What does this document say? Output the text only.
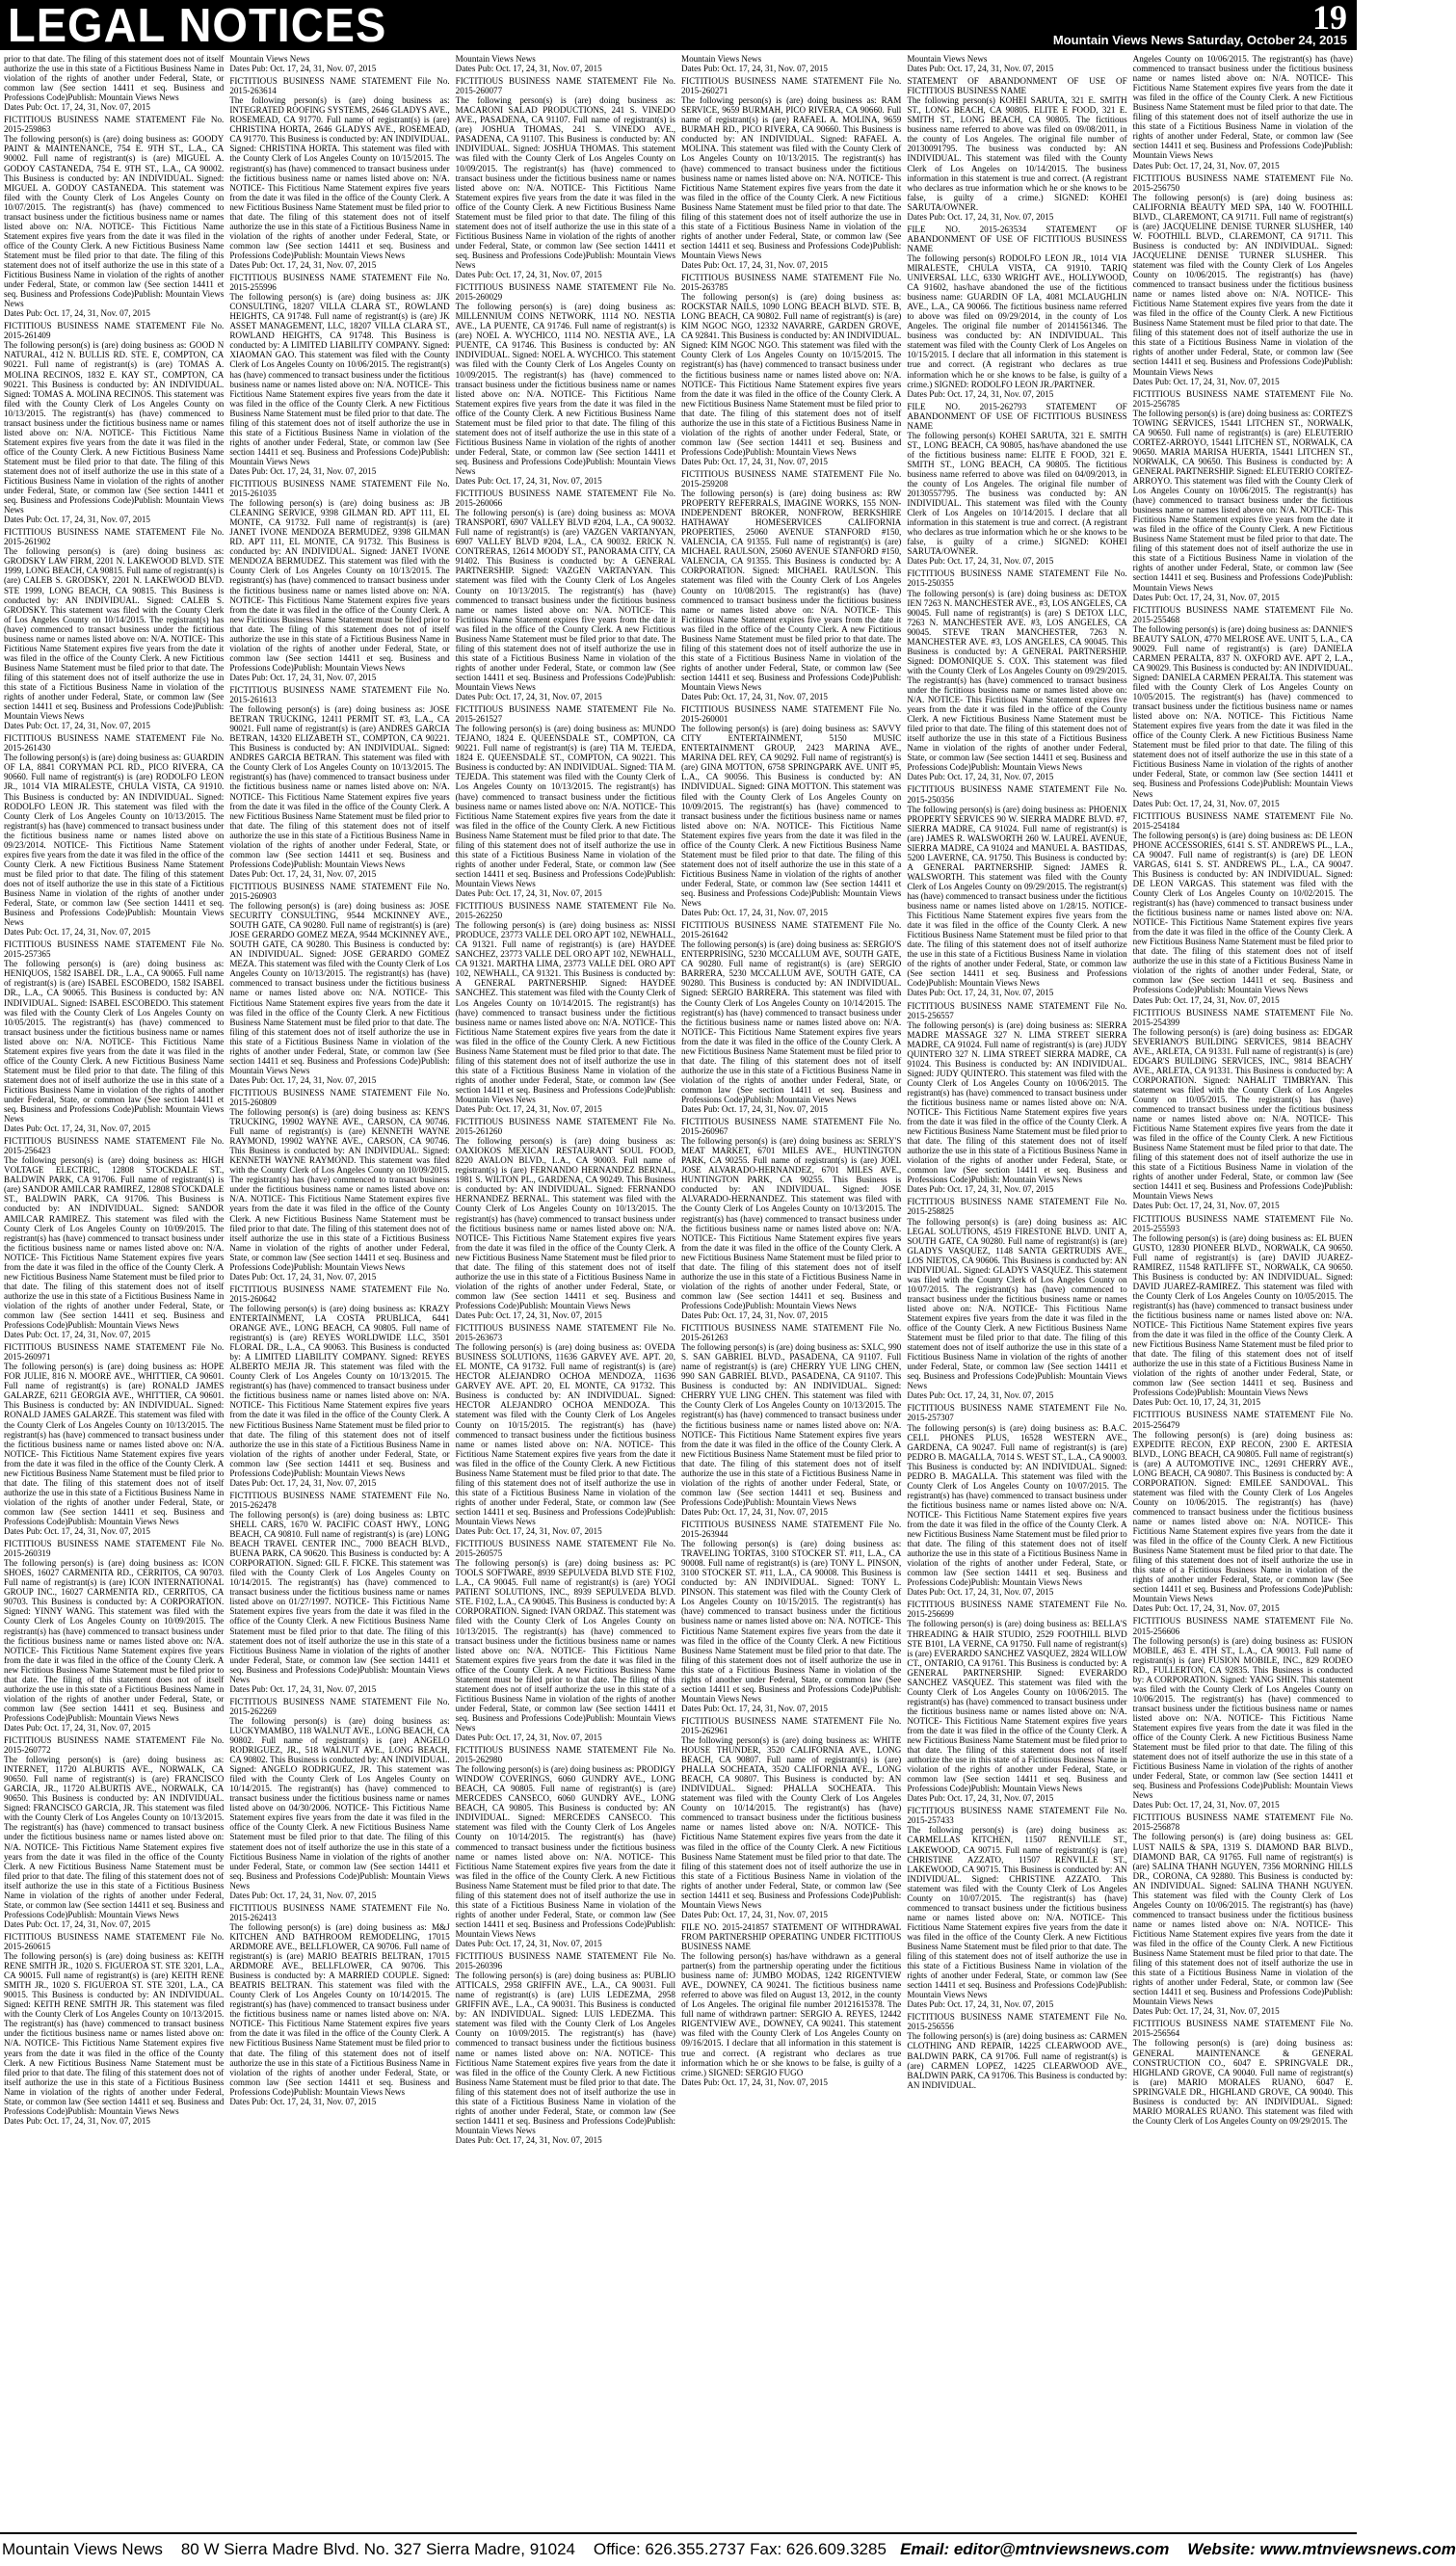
LEGAL NOTICES	19
Mountain Views News Saturday, October 24, 2015
prior to that date. The filing of this statement does not of itself authorize the use in this state of a Fictitious Business Name in violation of the rights of another under Federal, State, or common law (See section 14411 et seq. Business and Professions Code)Publish: Mountain Views News
Dates Pub: Oct. 17, 24, 31, Nov. 07, 2015
FICTITIOUS BUSINESS NAME STATEMENT File No. 2015-259863
The following person(s) is (are) doing business as: GOODY PAINT & MAINTENANCE, 754 E. 9TH ST., L.A., CA 90002. Full name of registrant(s) is (are) MIGUEL A. GODOY CASTANEDA, 754 E. 9TH ST., L.A., CA 90002. This Business is conducted by: AN INDIVIDUAL. Signed: MIGUEL A. GODOY CASTANEDA. This statement was filed with the County Clerk of Los Angeles County on 10/07/2015. The registrant(s) has (have) commenced to transact business under the fictitious business name or names listed above on: N/A. NOTICE- This Fictitious Name Statement expires five years from the date it was filed in the office of the County Clerk. A new Fictitious Business Name Statement must be filed prior to that date. The filing of this statement does not of itself authorize the use in this state of a Fictitious Business Name in violation of the rights of another under Federal, State, or common law (See section 14411 et seq. Business and Professions Code)Publish: Mountain Views News
Dates Pub: Oct. 17, 24, 31, Nov. 07, 2015
FICTITIOUS BUSINESS NAME STATEMENT File No. 2015-261409
The following person(s) is (are) doing business as: GOOD N NATURAL, 412 N. BULLIS RD. STE. E, COMPTON, CA 90221. Full name of registrant(s) is (are) TOMAS A. MOLINA RECINOS, 1832 E. KAY ST., COMPTON, CA 90221. This Business is conducted by: AN INDIVIDUAL. Signed: TOMAS A. MOLINA RECINOS. This statement was filed with the County Clerk of Los Angeles County on 10/13/2015. The registrant(s) has (have) commenced to transact business under the fictitious business name or names listed above on: N/A. NOTICE- This Fictitious Name Statement expires five years from the date it was filed in the office of the County Clerk. A new Fictitious Business Name Statement must be filed prior to that date. The filing of this statement does not of itself authorize the use in this state of a Fictitious Business Name in violation of the rights of another under Federal, State, or common law (See section 14411 et seq. Business and Professions Code)Publish: Mountain Views News
Dates Pub: Oct. 17, 24, 31, Nov. 07, 2015
FICTITIOUS BUSINESS NAME STATEMENT File No. 2015-261902
The following person(s) is (are) doing business as: GRODSKY LAW FIRM, 2201 N. LAKEWOOD BLVD. STE 1999, LONG BEACH, CA 90815. Full name of registrant(s) is (are) CALEB S. GRODSKY, 2201 N. LAKEWOOD BLVD. STE 1999, LONG BEACH, CA 90815. This Business is conducted by: AN INDIVIDUAL. Signed: CALEB S. GRODSKY. This statement was filed with the County Clerk of Los Angeles County on 10/14/2015. The registrant(s) has (have) commenced to transact business under the fictitious business name or names listed above on: N/A. NOTICE- This Fictitious Name Statement expires five years from the date it was filed in the office of the County Clerk. A new Fictitious Business Name Statement must be filed prior to that date. The filing of this statement does not of itself authorize the use in this state of a Fictitious Business Name in violation of the rights of another under Federal, State, or common law (See section 14411 et seq. Business and Professions Code)Publish: Mountain Views News
Dates Pub: Oct. 17, 24, 31, Nov. 07, 2015
FICTITIOUS BUSINESS NAME STATEMENT File No. 2015-261430
The following person(s) is (are) doing business as: GUARDIN OF LA, 8841 CORYMAN PCL RD., PICO RIVERA, CA 90660. Full name of registrant(s) is (are) RODOLFO LEON JR., 1014 VIA MIRALESTE, CHULA VISTA, CA 91910. This Business is conducted by: AN INDIVIDUAL. Signed: RODOLFO LEON JR. This statement was filed with the County Clerk of Los Angeles County on 10/13/2015. The registrant(s) has (have) commenced to transact business under the fictitious business name or names listed above on 09/23/2014. NOTICE- This Fictitious Name Statement expires five years from the date it was filed in the office of the County Clerk. A new Fictitious Business Name Statement must be filed prior to that date. The filing of this statement does not of itself authorize the use in this state of a Fictitious Business Name in violation of the rights of another under Federal, State, or common law (See section 14411 et seq. Business and Professions Code)Publish: Mountain Views News
Dates Pub: Oct. 17, 24, 31, Nov. 07, 2015
FICTITIOUS BUSINESS NAME STATEMENT File No. 2015-257365
The following person(s) is (are) doing business as: HENIQUOS, 1582 ISABEL DR., L.A., CA 90065. Full name of registrant(s) is (are) ISABEL ESCOBEDO, 1582 ISABEL DR., L.A., CA 90065. This Business is conducted by: AN INDIVIDUAL. Signed: ISABEL ESCOBEDO. This statement was filed with the County Clerk of Los Angeles County on 10/05/2015. The registrant(s) has (have) commenced to transact business under the fictitious business name or names listed above on: N/A. NOTICE- This Fictitious Name Statement expires five years from the date it was filed in the office of the County Clerk. A new Fictitious Business Name Statement must be filed prior to that date. The filing of this statement does not of itself authorize the use in this state of a Fictitious Business Name in violation of the rights of another under Federal, State, or common law (See section 14411 et seq. Business and Professions Code)Publish: Mountain Views News
Dates Pub: Oct. 17, 24, 31, Nov. 07, 2015
FICTITIOUS BUSINESS NAME STATEMENT File No. 2015-256423
The following person(s) is (are) doing business as: HIGH VOLTAGE ELECTRIC, 12808 STOCKDALE ST., BALDWIN PARK, CA 91706. Full name of registrant(s) is (are) SANDOR AMILCAR RAMIREZ, 12808 STOCKDALE ST., BALDWIN PARK, CA 91706. This Business is conducted by: AN INDIVIDUAL. Signed: SANDOR AMILCAR RAMIREZ. This statement was filed with the County Clerk of Los Angeles County on 10/09/2015. The registrant(s) has (have) commenced to transact business under the fictitious business name or names listed above on: N/A. NOTICE- This Fictitious Name Statement expires five years from the date it was filed in the office of the County Clerk. A new Fictitious Business Name Statement must be filed prior to that date. The filing of this statement does not of itself authorize the use in this state of a Fictitious Business Name in violation of the rights of another under Federal, State, or common law (See section 14411 et seq. Business and Professions Code)Publish: Mountain Views News
Dates Pub: Oct. 17, 24, 31, Nov. 07, 2015
FICTITIOUS BUSINESS NAME STATEMENT File No. 2015-260971
The following person(s) is (are) doing business as: HOPE FOR JULIE, 816 N. MOORE AVE., WHITTIER, CA 90601. Full name of registrant(s) is (are) RONALD JAMES GALARZE, 6211 GEORGIA AVE., WHITTIER, CA 90601. This Business is conducted by: AN INDIVIDUAL. Signed: RONALD JAMES GALARZE. This statement was filed with the County Clerk of Los Angeles County on 10/13/2015. The registrant(s) has (have) commenced to transact business under the fictitious business name or names listed above on: N/A. NOTICE- This Fictitious Name Statement expires five years from the date it was filed in the office of the County Clerk. A new Fictitious Business Name Statement must be filed prior to that date. The filing of this statement does not of itself authorize the use in this state of a Fictitious Business Name in violation of the rights of another under Federal, State, or common law (See section 14411 et seq. Business and Professions Code)Publish: Mountain Views News
Dates Pub: Oct. 17, 24, 31, Nov. 07, 2015
FICTITIOUS BUSINESS NAME STATEMENT File No. 2015-260319
The following person(s) is (are) doing business as: ICON SHOES, 16027 CARMENITA RD., CERRITOS, CA 90703. Full name of registrant(s) is (are) ICON INTERNATIONAL GROUP INC., 16027 CARMENITA RD., CERRITOS, CA 90703. This Business is conducted by: A CORPORATION. Signed: YINNY WANG. This statement was filed with the County Clerk of Los Angeles County on 10/09/2015. The registrant(s) has (have) commenced to transact business under the fictitious business name or names listed above on: N/A. NOTICE- This Fictitious Name Statement expires five years from the date it was filed in the office of the County Clerk. A new Fictitious Business Name Statement must be filed prior to that date. The filing of this statement does not of itself authorize the use in this state of a Fictitious Business Name in violation of the rights of another under Federal, State, or common law (See section 14411 et seq. Business and Professions Code)Publish: Mountain Views News
Dates Pub: Oct. 17, 24, 31, Nov. 07, 2015
FICTITIOUS BUSINESS NAME STATEMENT File No. 2015-260772
The following person(s) is (are) doing business as: INTERNET, 11720 ALBURTIS AVE., NORWALK, CA 90650. Full name of registrant(s) is (are) FRANCISCO GARCIA, JR., 11720 ALBURTIS AVE., NORWALK, CA 90650. This Business is conducted by: AN INDIVIDUAL. Signed: FRANCISCO GARCIA, JR. This statement was filed with the County Clerk of Los Angeles County on 10/13/2015. The registrant(s) has (have) commenced to transact business under the fictitious business name or names listed above on: N/A. NOTICE- This Fictitious Name Statement expires five years from the date it was filed in the office of the County Clerk. A new Fictitious Business Name Statement must be filed prior to that date. The filing of this statement does not of itself authorize the use in this state of a Fictitious Business Name in violation of the rights of another under Federal, State, or common law (See section 14411 et seq. Business and Professions Code)Publish: Mountain Views News
Dates Pub: Oct. 17, 24, 31, Nov. 07, 2015
FICTITIOUS BUSINESS NAME STATEMENT File No. 2015-260615
The following person(s) is (are) doing business as: KEITH RENE SMITH JR., 1020 S. FIGUEROA ST. STE 3201, L.A., CA 90015. Full name of registrant(s) is (are) KEITH RENE SMITH JR., 1020 S. FIGUEROA ST. STE 3201, L.A., CA 90015. This Business is conducted by: AN INDIVIDUAL. Signed: KEITH RENE SMITH JR. This statement was filed with the County Clerk of Los Angeles County on 10/13/2015. The registrant(s) has (have) commenced to transact business under the fictitious business name or names listed above on: N/A. NOTICE- This Fictitious Name Statement expires five years from the date it was filed in the office of the County Clerk. A new Fictitious Business Name Statement must be filed prior to that date. The filing of this statement does not of itself authorize the use in this state of a Fictitious Business Name in violation of the rights of another under Federal, State, or common law (See section 14411 et seq. Business and Professions Code)Publish: Mountain Views News
Dates Pub: Oct. 17, 24, 31, Nov. 07, 2015
Mountain Views News
Dates Pub: Oct. 17, 24, 31, Nov. 07, 2015
FICTITIOUS BUSINESS NAME STATEMENT File No. 2015-263614
The following person(s) is (are) doing business as: INTEGRATED ROOFING SYSTEMS, 2646 GLADYS AVE., ROSEMEAD, CA 91770. Full name of registrant(s) is (are) CHRISTINA HORTA, 2646 GLADYS AVE., ROSEMEAD, CA 91770. This Business is conducted by: AN INDIVIDUAL. Signed: CHRISTINA HORTA. This statement was filed with the County Clerk of Los Angeles County on 10/15/2015. The registrant(s) has (have) commenced to transact business under the fictitious business name or names listed above on: N/A. NOTICE- This Fictitious Name Statement expires five years from the date it was filed in the office of the County Clerk. A new Fictitious Business Name Statement must be filed prior to that date. The filing of this statement does not of itself authorize the use in this state of a Fictitious Business Name in violation of the rights of another under Federal, State, or common law (See section 14411 et seq. Business and Professions Code)Publish: Mountain Views News
Dates Pub: Oct. 17, 24, 31, Nov. 07, 2015
FICTITIOUS BUSINESS NAME STATEMENT File No. 2015-255996
The following person(s) is (are) doing business as: JJK CONSULTING, 18207 VILLA CLARA ST., ROWLAND HEIGHTS, CA 91748. Full name of registrant(s) is (are) JK ASSET MANAGEMENT, LLC, 18207 VILLA CLARA ST., ROWLAND HEIGHTS, CA 91748. This Business is conducted by: A LIMITED LIABILITY COMPANY. Signed: XIAOMAN GAO. This statement was filed with the County Clerk of Los Angeles County on 10/06/2015. The registrant(s) has (have) commenced to transact business under the fictitious business name or names listed above on: N/A. NOTICE- This Fictitious Name Statement expires five years from the date it was filed in the office of the County Clerk. A new Fictitious Business Name Statement must be filed prior to that date. The filing of this statement does not of itself authorize the use in this state of a Fictitious Business Name in violation of the rights of another under Federal, State, or common law (See section 14411 et seq. Business and Professions Code)Publish: Mountain Views News
Dates Pub: Oct. 17, 24, 31, Nov. 07, 2015
FICTITIOUS BUSINESS NAME STATEMENT File No. 2015-261035
The following person(s) is (are) doing business as: JB CLEANING SERVICE, 9398 GILMAN RD. APT 111, EL MONTE, CA 91732. Full name of registrant(s) is (are) JANET IVONE MENDOZA BERMUDEZ, 9398 GILMAN RD. APT 111, EL MONTE, CA 91732. This Business is conducted by: AN INDIVIDUAL. Signed: JANET IVONE MENDOZA BERMUDEZ. This statement was filed with the County Clerk of Los Angeles County on 10/13/2015. The registrant(s) has (have) commenced to transact business under the fictitious business name or names listed above on: N/A. NOTICE- This Fictitious Name Statement expires five years from the date it was filed in the office of the County Clerk. A new Fictitious Business Name Statement must be filed prior to that date. The filing of this statement does not of itself authorize the use in this state of a Fictitious Business Name in violation of the rights of another under Federal, State, or common law (See section 14411 et seq. Business and Professions Code)Publish: Mountain Views News
Dates Pub: Oct. 17, 24, 31, Nov. 07, 2015
FICTITIOUS BUSINESS NAME STATEMENT File No. 2015-261613
The following person(s) is (are) doing business as: JOSE BETRAN TRUCKING, 12411 PERMIT ST. #3, L.A., CA 90021. Full name of registrant(s) is (are) ANDRES GARCIA BETRAN, 14320 ELIZABETH ST., COMPTON, CA 90221. This Business is conducted by: AN INDIVIDUAL. Signed: ANDRES GARCIA BETRAN. This statement was filed with the County Clerk of Los Angeles County on 10/13/2015. The registrant(s) has (have) commenced to transact business under the fictitious business name or names listed above on: N/A. NOTICE- This Fictitious Name Statement expires five years from the date it was filed in the office of the County Clerk. A new Fictitious Business Name Statement must be filed prior to that date. The filing of this statement does not of itself authorize the use in this state of a Fictitious Business Name in violation of the rights of another under Federal, State, or common law (See section 14411 et seq. Business and Professions Code)Publish: Mountain Views News
Dates Pub: Oct. 17, 24, 31, Nov. 07, 2015
FICTITIOUS BUSINESS NAME STATEMENT File No. 2015-260903
The following person(s) is (are) doing business as: JOSE SECURITY CONSULTING, 9544 MCKINNEY AVE., SOUTH GATE, CA 90280. Full name of registrant(s) is (are) JOSE GERARDO GOMEZ MEZA, 9544 MCKINNEY AVE., SOUTH GATE, CA 90280. This Business is conducted by: AN INDIVIDUAL. Signed: JOSE GERARDO GOMEZ MEZA. This statement was filed with the County Clerk of Los Angeles County on 10/13/2015. The registrant(s) has (have) commenced to transact business under the fictitious business name or names listed above on: N/A. NOTICE- This Fictitious Name Statement expires five years from the date it was filed in the office of the County Clerk. A new Fictitious Business Name Statement must be filed prior to that date. The filing of this statement does not of itself authorize the use in this state of a Fictitious Business Name in violation of the rights of another under Federal, State, or common law (See section 14411 et seq. Business and Professions Code)Publish: Mountain Views News
Dates Pub: Oct. 17, 24, 31, Nov. 07, 2015
FICTITIOUS BUSINESS NAME STATEMENT File No. 2015-260809
The following person(s) is (are) doing business as: KEN'S TRUCKING, 19902 WAYNE AVE., CARSON, CA 90746. Full name of registrant(s) is (are) KENNETH WAYNE RAYMOND, 19902 WAYNE AVE., CARSON, CA 90746. This Business is conducted by: AN INDIVIDUAL. Signed: KENNETH WAYNE RAYMOND. This statement was filed with the County Clerk of Los Angeles County on 10/09/2015. The registrant(s) has (have) commenced to transact business under the fictitious business name or names listed above on: N/A. NOTICE- This Fictitious Name Statement expires five years from the date it was filed in the office of the County Clerk. A new Fictitious Business Name Statement must be filed prior to that date. The filing of this statement does not of itself authorize the use in this state of a Fictitious Business Name in violation of the rights of another under Federal, State, or common law (See section 14411 et seq. Business and Professions Code)Publish: Mountain Views News
Dates Pub: Oct. 17, 24, 31, Nov. 07, 2015
FICTITIOUS BUSINESS NAME STATEMENT File No. 2015-260642
The following person(s) is (are) doing business as: KRAZY ENTERTAINMENT, LA COSTA PRUBLICA, 6441 ORANGE AVE., LONG BEACH, CA 90805. Full name of registrant(s) is (are) REYES WORLDWIDE LLC, 3501 FLORAL DR., L.A., CA 90063. This Business is conducted by: A LIMITED LIABILITY COMPANY. Signed: REYES ALBERTO MEJIA JR. This statement was filed with the County Clerk of Los Angeles County on 10/13/2015. The registrant(s) has (have) commenced to transact business under the fictitious business name or names listed above on: N/A. NOTICE- This Fictitious Name Statement expires five years from the date it was filed in the office of the County Clerk. A new Fictitious Business Name Statement must be filed prior to that date. The filing of this statement does not of itself authorize the use in this state of a Fictitious Business Name in violation of the rights of another under Federal, State, or common law (See section 14411 et seq. Business and Professions Code)Publish: Mountain Views News
Dates Pub: Oct. 17, 24, 31, Nov. 07, 2015
FICTITIOUS BUSINESS NAME STATEMENT File No. 2015-262478
The following person(s) is (are) doing business as: LBTC SHELL CARS, 1670 W. PACIFIC COAST HWY., LONG BEACH, CA 90810. Full name of registrant(s) is (are) LONG BEACH TRAVEL CENTER INC., 7000 BEACH BLVD., BUENA PARK, CA 90620. This Business is conducted by: A CORPORATION. Signed: GIL F. FICKE. This statement was filed with the County Clerk of Los Angeles County on 10/14/2015. The registrant(s) has (have) commenced to transact business under the fictitious business name or names listed above on 01/27/1997. NOTICE- This Fictitious Name Statement expires five years from the date it was filed in the office of the County Clerk. A new Fictitious Business Name Statement must be filed prior to that date. The filing of this statement does not of itself authorize the use in this state of a Fictitious Business Name in violation of the rights of another under Federal, State, or common law (See section 14411 et seq. Business and Professions Code)Publish: Mountain Views News
Dates Pub: Oct. 17, 24, 31, Nov. 07, 2015
FICTITIOUS BUSINESS NAME STATEMENT File No. 2015-262269
The following person(s) is (are) doing business as: LUCKYMAMBO, 118 WALNUT AVE., LONG BEACH, CA 90802. Full name of registrant(s) is (are) ANGELO RODRIGUEZ, JR., 518 WALNUT AVE., LONG BEACH, CA 90802. This Business is conducted by: AN INDIVIDUAL. Signed: ANGELO RODRIGUEZ, JR. This statement was filed with the County Clerk of Los Angeles County on 10/14/2015. The registrant(s) has (have) commenced to transact business under the fictitious business name or names listed above on 04/30/2006. NOTICE- This Fictitious Name Statement expires five years from the date it was filed in the office of the County Clerk. A new Fictitious Business Name Statement must be filed prior to that date. The filing of this statement does not of itself authorize the use in this state of a Fictitious Business Name in violation of the rights of another under Federal, State, or common law (See section 14411 et seq. Business and Professions Code)Publish: Mountain Views News
Dates Pub: Oct. 17, 24, 31, Nov. 07, 2015
FICTITIOUS BUSINESS NAME STATEMENT File No. 2015-262413
The following person(s) is (are) doing business as: M&J KITCHEN AND BATHROOM REMODELING, 17015 ARDMORE AVE., BELLFLOWER, CA 90706. Full name of registrant(s) is (are) MARIO BEATRIS BELTRAN, 17015 ARDMORE AVE., BELLFLOWER, CA 90706. This Business is conducted by: A MARRIED COUPLE. Signed: BEATRIS BELTRAN. This statement was filed with the County Clerk of Los Angeles County on 10/14/2015. The registrant(s) has (have) commenced to transact business under the fictitious business name or names listed above on: N/A. NOTICE- This Fictitious Name Statement expires five years from the date it was filed in the office of the County Clerk. A new Fictitious Business Name Statement must be filed prior to that date. The filing of this statement does not of itself authorize the use in this state of a Fictitious Business Name in violation of the rights of another under Federal, State, or common law (See section 14411 et seq. Business and Professions Code)Publish: Mountain Views News
Dates Pub: Oct. 17, 24, 31, Nov. 07, 2015
Mountain Views News
Dates Pub: Oct. 17, 24, 31, Nov. 07, 2015
FICTITIOUS BUSINESS NAME STATEMENT File No. 2015-260077
The following person(s) is (are) doing business as: MACARONI SALAD PRODUCTIONS, 241 S. VINEDO AVE., PASADENA, CA 91107. Full name of registrant(s) is (are) JOSHUA THOMAS, 241 S. VINEDO AVE., PASADENA, CA 91107. This Business is conducted by: AN INDIVIDUAL. Signed: JOSHUA THOMAS. This statement was filed with the County Clerk of Los Angeles County on 10/09/2015. The registrant(s) has (have) commenced to transact business under the fictitious business name or names listed above on: N/A. NOTICE- This Fictitious Name Statement expires five years from the date it was filed in the office of the County Clerk. A new Fictitious Business Name Statement must be filed prior to that date. The filing of this statement does not of itself authorize the use in this state of a Fictitious Business Name in violation of the rights of another under Federal, State, or common law (See section 14411 et seq. Business and Professions Code)Publish: Mountain Views News
Dates Pub: Oct. 17, 24, 31, Nov. 07, 2015
FICTITIOUS BUSINESS NAME STATEMENT File No. 2015-260029
The following person(s) is (are) doing business as: MILLENNIUM COINS NETWORK, 1114 NO. NESTIA AVE., LA PUENTE, CA 91746. Full name of registrant(s) is (are) NOEL A. WYCHICO, 1114 NO. NESTIA AVE., LA PUENTE, CA 91746. This Business is conducted by: AN INDIVIDUAL. Signed: NOEL A. WYCHICO. This statement was filed with the County Clerk of Los Angeles County on 10/09/2015. The registrant(s) has (have) commenced to transact business under the fictitious business name or names listed above on: N/A. NOTICE- This Fictitious Name Statement expires five years from the date it was filed in the office of the County Clerk. A new Fictitious Business Name Statement must be filed prior to that date. The filing of this statement does not of itself authorize the use in this state of a Fictitious Business Name in violation of the rights of another under Federal, State, or common law (See section 14411 et seq. Business and Professions Code)Publish: Mountain Views News
Dates Pub: Oct. 17, 24, 31, Nov. 07, 2015
FICTITIOUS BUSINESS NAME STATEMENT File No. 2015-260066
The following person(s) is (are) doing business as: MOVA TRANSPORT, 6907 VALLEY BLVD #204, L.A., CA 90032. Full name of registrant(s) is (are) VAZGEN VARTANYAN, 6907 VALLEY BLVD #204, L.A., CA 90032. ERICK N. CONTRERAS, 12614 MOODY ST., PANORAMA CITY, CA 91402. This Business is conducted by: A GENERAL PARTNERSHIP. Signed: VAZGEN VARTANYAN. This statement was filed with the County Clerk of Los Angeles County on 10/13/2015. The registrant(s) has (have) commenced to transact business under the fictitious business name or names listed above on: N/A. NOTICE- This Fictitious Name Statement expires five years from the date it was filed in the office of the County Clerk. A new Fictitious Business Name Statement must be filed prior to that date. The filing of this statement does not of itself authorize the use in this state of a Fictitious Business Name in violation of the rights of another under Federal, State, or common law (See section 14411 et seq. Business and Professions Code)Publish: Mountain Views News
Dates Pub: Oct. 17, 24, 31, Nov. 07, 2015
FICTITIOUS BUSINESS NAME STATEMENT File No. 2015-261527
The following person(s) is (are) doing business as: MUNDO TEJANO, 1824 E. QUEENSDALE ST., COMPTON, CA 90221. Full name of registrant(s) is (are) TIA M. TEJEDA, 1824 E. QUEENSDALE ST., COMPTON, CA 90221. This Business is conducted by: AN INDIVIDUAL. Signed: TIA M. TEJEDA. This statement was filed with the County Clerk of Los Angeles County on 10/13/2015. The registrant(s) has (have) commenced to transact business under the fictitious business name or names listed above on: N/A. NOTICE- This Fictitious Name Statement expires five years from the date it was filed in the office of the County Clerk. A new Fictitious Business Name Statement must be filed prior to that date. The filing of this statement does not of itself authorize the use in this state of a Fictitious Business Name in violation of the rights of another under Federal, State, or common law (See section 14411 et seq. Business and Professions Code)Publish: Mountain Views News
Dates Pub: Oct. 17, 24, 31, Nov. 07, 2015
FICTITIOUS BUSINESS NAME STATEMENT File No. 2015-262250
The following person(s) is (are) doing business as: NISSI PRODUCE, 23773 VALLE DEL ORO APT 102, NEWHALL, CA 91321. Full name of registrant(s) is (are) HAYDEE SANCHEZ, 23773 VALLE DEL ORO APT 102, NEWHALL, CA 91321. MARTHA LIMA, 23773 VALLE DEL ORO APT 102, NEWHALL, CA 91321. This Business is conducted by: A GENERAL PARTNERSHIP. Signed: HAYDEE SANCHEZ. This statement was filed with the County Clerk of Los Angeles County on 10/14/2015. The registrant(s) has (have) commenced to transact business under the fictitious business name or names listed above on: N/A. NOTICE- This Fictitious Name Statement expires five years from the date it was filed in the office of the County Clerk. A new Fictitious Business Name Statement must be filed prior to that date. The filing of this statement does not of itself authorize the use in this state of a Fictitious Business Name in violation of the rights of another under Federal, State, or common law (See section 14411 et seq. Business and Professions Code)Publish: Mountain Views News
Dates Pub: Oct. 17, 24, 31, Nov. 07, 2015
FICTITIOUS BUSINESS NAME STATEMENT File No. 2015-261260
The following person(s) is (are) doing business as: OAXIOKOS MEXICAN RESTAURANT SOUL FOOD, 8220 AVALON BLVD., L.A., CA 90003. Full name of registrant(s) is (are) FERNANDO HERNANDEZ BERNAL, 1981 S. WILTON PL., GARDENA, CA 90249. This Business is conducted by: AN INDIVIDUAL. Signed: FERNANDO HERNANDEZ BERNAL. This statement was filed with the County Clerk of Los Angeles County on 10/13/2015. The registrant(s) has (have) commenced to transact business under the fictitious business name or names listed above on: N/A. NOTICE- This Fictitious Name Statement expires five years from the date it was filed in the office of the County Clerk. A new Fictitious Business Name Statement must be filed prior to that date. The filing of this statement does not of itself authorize the use in this state of a Fictitious Business Name in violation of the rights of another under Federal, State, or common law (See section 14411 et seq. Business and Professions Code)Publish: Mountain Views News
Dates Pub: Oct. 17, 24, 31, Nov. 07, 2015
FICTITIOUS BUSINESS NAME STATEMENT File No. 2015-263673
The following person(s) is (are) doing business as: OVEDA BUSINESS SOLUTIONS, 11636 GARVEY AVE. APT. 20, EL MONTE, CA 91732. Full name of registrant(s) is (are) HECTOR ALEJANDRO OCHOA MENDOZA, 11636 GARVEY AVE. APT. 20, EL MONTE, CA 91732. This Business is conducted by: AN INDIVIDUAL. Signed: HECTOR ALEJANDRO OCHOA MENDOZA. This statement was filed with the County Clerk of Los Angeles County on 10/15/2015. The registrant(s) has (have) commenced to transact business under the fictitious business name or names listed above on: N/A. NOTICE- This Fictitious Name Statement expires five years from the date it was filed in the office of the County Clerk. A new Fictitious Business Name Statement must be filed prior to that date. The filing of this statement does not of itself authorize the use in this state of a Fictitious Business Name in violation of the rights of another under Federal, State, or common law (See section 14411 et seq. Business and Professions Code)Publish: Mountain Views News
Dates Pub: Oct. 17, 24, 31, Nov. 07, 2015
FICTITIOUS BUSINESS NAME STATEMENT File No. 2015-260575
The following person(s) is (are) doing business as: PC TOOLS SOFTWARE, 8939 SEPULVEDA BLVD STE F102, L.A., CA 90045. Full name of registrant(s) is (are) YOGI PATIENT SOLUTIONS, INC., 8939 SEPULVEDA BLVD. STE. F102, L.A., CA 90045. This Business is conducted by: A CORPORATION. Signed: IVAN ORDAZ. This statement was filed with the County Clerk of Los Angeles County on 10/13/2015. The registrant(s) has (have) commenced to transact business under the fictitious business name or names listed above on: N/A. NOTICE- This Fictitious Name Statement expires five years from the date it was filed in the office of the County Clerk. A new Fictitious Business Name Statement must be filed prior to that date. The filing of this statement does not of itself authorize the use in this state of a Fictitious Business Name in violation of the rights of another under Federal, State, or common law (See section 14411 et seq. Business and Professions Code)Publish: Mountain Views News
Dates Pub: Oct. 17, 24, 31, Nov. 07, 2015
FICTITIOUS BUSINESS NAME STATEMENT File No. 2015-262980
The following person(s) is (are) doing business as: PRODIGY WINDOW COVERINGS, 6060 GUNDRY AVE., LONG BEACH, CA 90805. Full name of registrant(s) is (are) MERCEDES CANSECO, 6060 GUNDRY AVE., LONG BEACH, CA 90805. This Business is conducted by: AN INDIVIDUAL. Signed: MERCEDES CANSECO. This statement was filed with the County Clerk of Los Angeles County on 10/14/2015. The registrant(s) has (have) commenced to transact business under the fictitious business name or names listed above on: N/A. NOTICE- This Fictitious Name Statement expires five years from the date it was filed in the office of the County Clerk. A new Fictitious Business Name Statement must be filed prior to that date. The filing of this statement does not of itself authorize the use in this state of a Fictitious Business Name in violation of the rights of another under Federal, State, or common law (See section 14411 et seq. Business and Professions Code)Publish: Mountain Views News
Dates Pub: Oct. 17, 24, 31, Nov. 07, 2015
FICTITIOUS BUSINESS NAME STATEMENT File No. 2015-260396
The following person(s) is (are) doing business as: PUBLIO ATTICALS, 2958 GRIFFIN AVE., L.A., CA 90031. Full name of registrant(s) is (are) LUIS LEDEZMA, 2958 GRIFFIN AVE., L.A., CA 90031. This Business is conducted by: AN INDIVIDUAL. Signed: LUIS LEDEZMA. This statement was filed with the County Clerk of Los Angeles County on 10/09/2015. The registrant(s) has (have) commenced to transact business under the fictitious business name or names listed above on: N/A. NOTICE- This Fictitious Name Statement expires five years from the date it was filed in the office of the County Clerk. A new Fictitious Business Name Statement must be filed prior to that date. The filing of this statement does not of itself authorize the use in this state of a Fictitious Business Name in violation of the rights of another under Federal, State, or common law (See section 14411 et seq. Business and Professions Code)Publish: Mountain Views News
Dates Pub: Oct. 17, 24, 31, Nov. 07, 2015
Mountain Views News
Dates Pub: Oct. 17, 24, 31, Nov. 07, 2015
FICTITIOUS BUSINESS NAME STATEMENT File No. 2015-260271
The following person(s) is (are) doing business as: RAM SERVICE, 9659 BURMAH, PICO RIVERA, CA 90660. Full name of registrant(s) is (are) RAFAEL A. MOLINA, 9659 BURMAH RD., PICO RIVERA, CA 90660. This Business is conducted by: AN INDIVIDUAL. Signed: RAFAEL A. MOLINA. This statement was filed with the County Clerk of Los Angeles County on 10/13/2015. The registrant(s) has (have) commenced to transact business under the fictitious business name or names listed above on: N/A. NOTICE- This Fictitious Name Statement expires five years from the date it was filed in the office of the County Clerk. A new Fictitious Business Name Statement must be filed prior to that date. The filing of this statement does not of itself authorize the use in this state of a Fictitious Business Name in violation of the rights of another under Federal, State, or common law (See section 14411 et seq. Business and Professions Code)Publish: Mountain Views News
Dates Pub: Oct. 17, 24, 31, Nov. 07, 2015
FICTITIOUS BUSINESS NAME STATEMENT File No. 2015-263785
The following person(s) is (are) doing business as: ROCKSTAR NAILS, 1090 LONG BEACH BLVD. STE. B, LONG BEACH, CA 90802. Full name of registrant(s) is (are) KIM NGOC NGO, 12332 NAVARRE, GARDEN GROVE, CA 92841. This Business is conducted by: AN INDIVIDUAL. Signed: KIM NGOC NGO. This statement was filed with the County Clerk of Los Angeles County on 10/15/2015. The registrant(s) has (have) commenced to transact business under the fictitious business name or names listed above on: N/A. NOTICE- This Fictitious Name Statement expires five years from the date it was filed in the office of the County Clerk. A new Fictitious Business Name Statement must be filed prior to that date. The filing of this statement does not of itself authorize the use in this state of a Fictitious Business Name in violation of the rights of another under Federal, State, or common law (See section 14411 et seq. Business and Professions Code)Publish: Mountain Views News
Dates Pub: Oct. 17, 24, 31, Nov. 07, 2015
FICTITIOUS BUSINESS NAME STATEMENT File No. 2015-259208
The following person(s) is (are) doing business as: RW PROPERTY REFERRALS, IMAGINE WORKS, 155 NON-INDEPENDENT BROKER, NONFROW, BERKSHIRE HATHAWAY HOMESERVICES CALIFORNIA PROPERTIES, 25060 AVENUE STANFORD #150, VALENCIA, CA 91355. Full name of registrant(s) is (are) MICHAEL RAULSON, 25060 AVENUE STANFORD #150, VALENCIA, CA 91355. This Business is conducted by: A CORPORATION. Signed: MICHAEL RAULSON. This statement was filed with the County Clerk of Los Angeles County on 10/08/2015. The registrant(s) has (have) commenced to transact business under the fictitious business name or names listed above on: N/A. NOTICE- This Fictitious Name Statement expires five years from the date it was filed in the office of the County Clerk. A new Fictitious Business Name Statement must be filed prior to that date. The filing of this statement does not of itself authorize the use in this state of a Fictitious Business Name in violation of the rights of another under Federal, State, or common law (See section 14411 et seq. Business and Professions Code)Publish: Mountain Views News
Dates Pub: Oct. 17, 24, 31, Nov. 07, 2015
FICTITIOUS BUSINESS NAME STATEMENT File No. 2015-260001
The following person(s) is (are) doing business as: SAVVY CITY ENTERTAINMENT, 5150 MUSIC ENTERTAINMENT GROUP, 2423 MARINA AVE., MARINA DEL REY, CA 90292. Full name of registrant(s) is (are) GINA MOTTON, 6758 SPRINGPARK AVE. UNIT #5, L.A., CA 90056. This Business is conducted by: AN INDIVIDUAL. Signed: GINA MOTTON. This statement was filed with the County Clerk of Los Angeles County on 10/09/2015. The registrant(s) has (have) commenced to transact business under the fictitious business name or names listed above on: N/A. NOTICE- This Fictitious Name Statement expires five years from the date it was filed in the office of the County Clerk. A new Fictitious Business Name Statement must be filed prior to that date. The filing of this statement does not of itself authorize the use in this state of a Fictitious Business Name in violation of the rights of another under Federal, State, or common law (See section 14411 et seq. Business and Professions Code)Publish: Mountain Views News
Dates Pub: Oct. 17, 24, 31, Nov. 07, 2015
FICTITIOUS BUSINESS NAME STATEMENT File No. 2015-261642
The following person(s) is (are) doing business as: SERGIO'S ENTERPRISING, 5230 MCCALLUM AVE, SOUTH GATE, CA 90280. Full name of registrant(s) is (are) SERGIO BARRERA, 5230 MCCALLUM AVE, SOUTH GATE, CA 90280. This Business is conducted by: AN INDIVIDUAL. Signed: SERGIO BARRERA. This statement was filed with the County Clerk of Los Angeles County on 10/14/2015. The registrant(s) has (have) commenced to transact business under the fictitious business name or names listed above on: N/A. NOTICE- This Fictitious Name Statement expires five years from the date it was filed in the office of the County Clerk. A new Fictitious Business Name Statement must be filed prior to that date. The filing of this statement does not of itself authorize the use in this state of a Fictitious Business Name in violation of the rights of another under Federal, State, or common law (See section 14411 et seq. Business and Professions Code)Publish: Mountain Views News
Dates Pub: Oct. 17, 24, 31, Nov. 07, 2015
FICTITIOUS BUSINESS NAME STATEMENT File No. 2015-260967
The following person(s) is (are) doing business as: SERLY'S MEAT MARKET, 6701 MILES AVE., HUNTINGTON PARK, CA 90255. Full name of registrant(s) is (are) JOEL JOSE ALVARADO-HERNANDEZ, 6701 MILES AVE., HUNTINGTON PARK, CA 90255. This Business is conducted by: AN INDIVIDUAL. Signed: JOSE ALVARADO-HERNANDEZ. This statement was filed with the County Clerk of Los Angeles County on 10/13/2015. The registrant(s) has (have) commenced to transact business under the fictitious business name or names listed above on: N/A. NOTICE- This Fictitious Name Statement expires five years from the date it was filed in the office of the County Clerk. A new Fictitious Business Name Statement must be filed prior to that date. The filing of this statement does not of itself authorize the use in this state of a Fictitious Business Name in violation of the rights of another under Federal, State, or common law (See section 14411 et seq. Business and Professions Code)Publish: Mountain Views News
Dates Pub: Oct. 17, 24, 31, Nov. 07, 2015
FICTITIOUS BUSINESS NAME STATEMENT File No. 2015-261263
The following person(s) is (are) doing business as: SXLC, 990 S. SAN GABRIEL BLVD., PASADENA, CA 91107. Full name of registrant(s) is (are) CHERRY YUE LING CHEN, 990 SAN GABRIEL BLVD., PASADENA, CA 91107. This Business is conducted by: AN INDIVIDUAL. Signed: CHERRY YUE LING CHEN. This statement was filed with the County Clerk of Los Angeles County on 10/13/2015. The registrant(s) has (have) commenced to transact business under the fictitious business name or names listed above on: N/A. NOTICE- This Fictitious Name Statement expires five years from the date it was filed in the office of the County Clerk. A new Fictitious Business Name Statement must be filed prior to that date. The filing of this statement does not of itself authorize the use in this state of a Fictitious Business Name in violation of the rights of another under Federal, State, or common law (See section 14411 et seq. Business and Professions Code)Publish: Mountain Views News
Dates Pub: Oct. 17, 24, 31, Nov. 07, 2015
FICTITIOUS BUSINESS NAME STATEMENT File No. 2015-263944
The following person(s) is (are) doing business as: TRAVELING TORTAS, 3100 STOCKER ST. #11, L.A., CA 90008. Full name of registrant(s) is (are) TONY L. PINSON, 3100 STOCKER ST. #11, L.A., CA 90008. This Business is conducted by: AN INDIVIDUAL. Signed: TONY L. PINSON. This statement was filed with the County Clerk of Los Angeles County on 10/15/2015. The registrant(s) has (have) commenced to transact business under the fictitious business name or names listed above on: N/A. NOTICE- This Fictitious Name Statement expires five years from the date it was filed in the office of the County Clerk. A new Fictitious Business Name Statement must be filed prior to that date. The filing of this statement does not of itself authorize the use in this state of a Fictitious Business Name in violation of the rights of another under Federal, State, or common law (See section 14411 et seq. Business and Professions Code)Publish: Mountain Views News
Dates Pub: Oct. 17, 24, 31, Nov. 07, 2015
FICTITIOUS BUSINESS NAME STATEMENT File No. 2015-262961
The following person(s) is (are) doing business as: WHITE HOUSE THUNDER, 3520 CALIFORNIA AVE., LONG BEACH, CA 90807. Full name of registrant(s) is (are) PHALLA SOCHEATA, 3520 CALIFORNIA AVE., LONG BEACH, CA 90807. This Business is conducted by: AN INDIVIDUAL. Signed: PHALLA SOCHEATA. This statement was filed with the County Clerk of Los Angeles County on 10/14/2015. The registrant(s) has (have) commenced to transact business under the fictitious business name or names listed above on: N/A. NOTICE- This Fictitious Name Statement expires five years from the date it was filed in the office of the County Clerk. A new Fictitious Business Name Statement must be filed prior to that date. The filing of this statement does not of itself authorize the use in this state of a Fictitious Business Name in violation of the rights of another under Federal, State, or common law (See section 14411 et seq. Business and Professions Code)Publish: Mountain Views News
Dates Pub: Oct. 17, 24, 31, Nov. 07, 2015
FILE NO. 2015-241857 STATEMENT OF WITHDRAWAL FROM PARTNERSHIP OPERATING UNDER FICTITIOUS BUSINESS NAME
The following person(s) has/have withdrawn as a general partner(s) from the partnership operating under the fictitious business name of: JUMBO MODAS, 1242 RIGENTVIEW AVE., DOWNEY, CA 90241. The fictitious business name referred to above was filed on August 13, 2012, in the county of Los Angeles. The original file number 20121615378. The full name of withdrawn partner: SERGIO A. REYES, 12442 RIGENTVIEW AVE., DOWNEY, CA 90241. This statement was filed with the County Clerk of Los Angeles County on 09/16/2015. I declare that all information in this statement is true and correct. (A registrant who declares as true information which he or she knows to be false, is guilty of a crime.) SIGNED: SERGIO FUGO
Dates Pub: Oct. 17, 24, 31, Nov. 07, 2015
Mountain Views News
Dates Pub: Oct. 17, 24, 31, Nov. 07, 2015
STATEMENT OF ABANDONMENT OF USE OF FICTITIOUS BUSINESS NAME
The following person(s) KOHEI SARUTA, 321 E. SMITH ST., LONG BEACH, CA 90805. ELITE E FOOD, 321 E. SMITH ST., LONG BEACH, CA 90805. The fictitious business name referred to above was filed on 09/08/2011, in the county of Los Angeles. The original file number of 20130091795. The business was conducted by: AN INDIVIDUAL. This statement was filed with the County Clerk of Los Angeles on 10/14/2015. The business information in this statement is true and correct. (A registrant who declares as true information which he or she knows to be false, is guilty of a crime.) SIGNED: KOHEI SARUTA/OWNER.
Dates Pub: Oct. 17, 24, 31, Nov. 07, 2015
FILE NO. 2015-263534 STATEMENT OF ABANDONMENT OF USE OF FICTITIOUS BUSINESS NAME
The following person(s) RODOLFO LEON JR., 1014 VIA MIRALESTE, CHULA VISTA, CA 91910. TARIQ UNIVERSAL LLC, 6330 WRIGHT AVE., HOLLYWOOD, CA 91602, has/have abandoned the use of the fictitious business name: GUARDIN OF LA, 4081 MCLAUGHLIN AVE., L.A., CA 90066. The fictitious business name referred to above was filed on 09/29/2014, in the county of Los Angeles. The original file number of 20141561346. The business was conducted by: AN INDIVIDUAL. This statement was filed with the County Clerk of Los Angeles on 10/15/2015. I declare that all information in this statement is true and correct. (A registrant who declares as true information which he or she knows to be false, is guilty of a crime.) SIGNED: RODOLFO LEON JR./PARTNER.
Dates Pub: Oct. 17, 24, 31, Nov. 07, 2015
FILE NO. 2015-262793 STATEMENT OF ABANDONMENT OF USE OF FICTITIOUS BUSINESS NAME
The following person(s) KOHEI SARUTA, 321 E. SMITH ST., LONG BEACH, CA 90805, has/have abandoned the use of the fictitious business name: ELITE E FOOD, 321 E. SMITH ST., LONG BEACH, CA 90805. The fictitious business name referred to above was filed on 04/09/2013, in the county of Los Angeles. The original file number of 20130557795. The business was conducted by: AN INDIVIDUAL. This statement was filed with the County Clerk of Los Angeles on 10/14/2015. I declare that all information in this statement is true and correct. (A registrant who declares as true information which he or she knows to be false, is guilty of a crime.) SIGNED: KOHEI SARUTA/OWNER.
Dates Pub: Oct. 17, 24, 31, Nov. 07, 2015
FICTITIOUS BUSINESS NAME STATEMENT File No. 2015-250355
The following person(s) is (are) doing business as: DETOX IEN 7263 N. MANCHESTER AVE., #3, LOS ANGELES, CA 90045. Full name of registrant(s) is (are) S DETOX LLC, 7263 N. MANCHESTER AVE. #3, LOS ANGELES, CA 90045. STEVE TRAN MANCHESTER, 7263 N. MANCHESTER AVE. #3, LOS ANGELES, CA 90045. This Business is conducted by: A GENERAL PARTNERSHIP. Signed: DOMONIQUE S. COX. This statement was filed with the County Clerk of Los Angeles County on 09/29/2015. The registrant(s) has (have) commenced to transact business under the fictitious business name or names listed above on: N/A. NOTICE- This Fictitious Name Statement expires five years from the date it was filed in the office of the County Clerk. A new Fictitious Business Name Statement must be filed prior to that date. The filing of this statement does not of itself authorize the use in this state of a Fictitious Business Name in violation of the rights of another under Federal, State, or common law (See section 14411 et seq. Business and Professions Code)Publish: Mountain Views News
Dates Pub: Oct. 17, 24, 31, Nov. 07, 2015
FICTITIOUS BUSINESS NAME STATEMENT File No. 2015-250356
The following person(s) is (are) doing business as: PHOENIX PROPERTY SERVICES 90 W. SIERRA MADRE BLVD. #7, SIERRA MADRE, CA 91024. Full name of registrant(s) is (are) JAMES R. WALSWORTH 260 W. LAUREL AVENUE, SIERRA MADRE, CA 91024 and MANUEL A. BASTIDAS, 5200 LAVERNE, CA. 91750. This Business is conducted by: A GENERAL PARTNERSHIP. Signed: JAMES R. WALSWORTH. This statement was filed with the County Clerk of Los Angeles County on 09/29/2015. The registrant(s) has (have) commenced to transact business under the fictitious business name or names listed above on 1/28/15. NOTICE- This Fictitious Name Statement expires five years from the date it was filed in the office of the County Clerk. A new Fictitious Business Name Statement must be filed prior to that date. The filing of this statement does not of itself authorize the use in this state of a Fictitious Business Name in violation of the rights of another under Federal, State, or common law (See section 14411 et seq. Business and Professions Code)Publish: Mountain Views News
Dates Pub: Oct. 17, 24, 31, Nov. 07, 2015
FICTITIOUS BUSINESS NAME STATEMENT File No. 2015-256557
The following person(s) is (are) doing business as: SIERRA MADRE MASSAGE 327 N. LIMA STREET SIERRA MADRE, CA 91024. Full name of registrant(s) is (are) JUDY QUINTERO 327 N. LIMA STREET SIERRA MADRE, CA 91024. This Business is conducted by: AN INDIVIDUAL. Signed: JUDY QUINTERO. This statement was filed with the County Clerk of Los Angeles County on 10/06/2015. The registrant(s) has (have) commenced to transact business under the fictitious business name or names listed above on: N/A. NOTICE- This Fictitious Name Statement expires five years from the date it was filed in the office of the County Clerk. A new Fictitious Business Name Statement must be filed prior to that date. The filing of this statement does not of itself authorize the use in this state of a Fictitious Business Name in violation of the rights of another under Federal, State, or common law (See section 14411 et seq. Business and Professions Code)Publish: Mountain Views News
Dates Pub: Oct. 17, 24, 31, Nov. 07, 2015
FICTITIOUS BUSINESS NAME STATEMENT File No. 2015-258825
The following person(s) is (are) doing business as: AIC LEGAL SOLUTIONS, 4519 FIRESTONE BLVD. UNIT A, SOUTH GATE, CA 90280. Full name of registrant(s) is (are) GLADYS VASQUEZ, 1148 SANTA GERTRUDIS AVE., LOS NIETOS, CA 90606. This Business is conducted by: AN INDIVIDUAL. Signed: GLADYS VASQUEZ. This statement was filed with the County Clerk of Los Angeles County on 10/07/2015. The registrant(s) has (have) commenced to transact business under the fictitious business name or names listed above on: N/A. NOTICE- This Fictitious Name Statement expires five years from the date it was filed in the office of the County Clerk. A new Fictitious Business Name Statement must be filed prior to that date. The filing of this statement does not of itself authorize the use in this state of a Fictitious Business Name in violation of the rights of another under Federal, State, or common law (See section 14411 et seq. Business and Professions Code)Publish: Mountain Views News
Dates Pub: Oct. 17, 24, 31, Nov. 07, 2015
FICTITIOUS BUSINESS NAME STATEMENT File No. 2015-257307
The following person(s) is (are) doing business as: B.A.C. CELL PHONES PLUS, 16528 WESTERN AVE., GARDENA, CA 90247. Full name of registrant(s) is (are) PEDRO B. MAGALLA, 7014 S. WEST ST., L.A., CA 90003. This Business is conducted by: AN INDIVIDUAL. Signed: PEDRO B. MAGALLA. This statement was filed with the County Clerk of Los Angeles County on 10/07/2015. The registrant(s) has (have) commenced to transact business under the fictitious business name or names listed above on: N/A. NOTICE- This Fictitious Name Statement expires five years from the date it was filed in the office of the County Clerk. A new Fictitious Business Name Statement must be filed prior to that date. The filing of this statement does not of itself authorize the use in this state of a Fictitious Business Name in violation of the rights of another under Federal, State, or common law (See section 14411 et seq. Business and Professions Code)Publish: Mountain Views News
Dates Pub: Oct. 17, 24, 31, Nov. 07, 2015
FICTITIOUS BUSINESS NAME STATEMENT File No. 2015-256699
The following person(s) is (are) doing business as: BELLA'S THREADING & HAIR STUDIO, 2529 FOOTHILL BLVD STE B101, LA VERNE, CA 91750. Full name of registrant(s) is (are) EVERARDO SANCHEZ VASQUEZ, 2824 WILLOW CT., ONTARIO, CA 91761. This Business is conducted by: A GENERAL PARTNERSHIP. Signed: EVERARDO SANCHEZ VASQUEZ. This statement was filed with the County Clerk of Los Angeles County on 10/06/2015. The registrant(s) has (have) commenced to transact business under the fictitious business name or names listed above on: N/A. NOTICE- This Fictitious Name Statement expires five years from the date it was filed in the office of the County Clerk. A new Fictitious Business Name Statement must be filed prior to that date. The filing of this statement does not of itself authorize the use in this state of a Fictitious Business Name in violation of the rights of another under Federal, State, or common law (See section 14411 et seq. Business and Professions Code)Publish: Mountain Views News
Dates Pub: Oct. 17, 24, 31, Nov. 07, 2015
FICTITIOUS BUSINESS NAME STATEMENT File No. 2015-257433
The following person(s) is (are) doing business as: CARMELLAS KITCHEN, 11507 RENVILLE ST., LAKEWOOD, CA 90715. Full name of registrant(s) is (are) CHRISTINE AZZATO, 11507 RENVILLE ST., LAKEWOOD, CA 90715. This Business is conducted by: AN INDIVIDUAL. Signed: CHRISTINE AZZATO. This statement was filed with the County Clerk of Los Angeles County on 10/07/2015. The registrant(s) has (have) commenced to transact business under the fictitious business name or names listed above on: N/A. NOTICE- This Fictitious Name Statement expires five years from the date it was filed in the office of the County Clerk. A new Fictitious Business Name Statement must be filed prior to that date. The filing of this statement does not of itself authorize the use in this state of a Fictitious Business Name in violation of the rights of another under Federal, State, or common law (See section 14411 et seq. Business and Professions Code)Publish: Mountain Views News
Dates Pub: Oct. 17, 24, 31, Nov. 07, 2015
FICTITIOUS BUSINESS NAME STATEMENT File No. 2015-256556
The following person(s) is (are) doing business as: CARMEN CLOTHING AND REPAIR, 14225 CLEARWOOD AVE., BALDWIN PARK, CA 91706. Full name of registrant(s) is (are) CARMEN LOPEZ, 14225 CLEARWOOD AVE., BALDWIN PARK, CA 91706. This Business is conducted by: AN INDIVIDUAL.
Angeles County on 10/06/2015. The registrant(s) has (have) commenced to transact business under the fictitious business name or names listed above on: N/A. NOTICE- This Fictitious Name Statement expires five years from the date it was filed in the office of the County Clerk. A new Fictitious Business Name Statement must be filed prior to that date. The filing of this statement does not of itself authorize the use in this state of a Fictitious Business Name in violation of the rights of another under Federal, State, or common law (See section 14411 et seq. Business and Professions Code)Publish: Mountain Views News
Dates Pub: Oct. 17, 24, 31, Nov. 07, 2015
FICTITIOUS BUSINESS NAME STATEMENT File No. 2015-256750
The following person(s) is (are) doing business as: CALIFORNIA BEAUTY MED SPA, 140 W. FOOTHILL BLVD., CLAREMONT, CA 91711. Full name of registrant(s) is (are) JACQUELINE DENISE TURNER SLUSHER, 140 W. FOOTHILL BLVD., CLAREMONT, CA 91711. This Business is conducted by: AN INDIVIDUAL. Signed: JACQUELINE DENISE TURNER SLUSHER. This statement was filed with the County Clerk of Los Angeles County on 10/06/2015. The registrant(s) has (have) commenced to transact business under the fictitious business name or names listed above on: N/A. NOTICE- This Fictitious Name Statement expires five years from the date it was filed in the office of the County Clerk. A new Fictitious Business Name Statement must be filed prior to that date. The filing of this statement does not of itself authorize the use in this state of a Fictitious Business Name in violation of the rights of another under Federal, State, or common law (See section 14411 et seq. Business and Professions Code)Publish: Mountain Views News
Dates Pub: Oct. 17, 24, 31, Nov. 07, 2015
FICTITIOUS BUSINESS NAME STATEMENT File No. 2015-256785
The following person(s) is (are) doing business as: CORTEZ'S TOWING SERVICES, 15441 LITCHEN ST., NORWALK, CA 90650. Full name of registrant(s) is (are) ELEUTERIO CORTEZ-ARROYO, 15441 LITCHEN ST., NORWALK, CA 90650. MARIA MARISA HUERTA, 15441 LITCHEN ST., NORWALK, CA 90650. This Business is conducted by: A GENERAL PARTNERSHIP. Signed: ELEUTERIO CORTEZ-ARROYO. This statement was filed with the County Clerk of Los Angeles County on 10/06/2015. The registrant(s) has (have) commenced to transact business under the fictitious business name or names listed above on: N/A. NOTICE- This Fictitious Name Statement expires five years from the date it was filed in the office of the County Clerk. A new Fictitious Business Name Statement must be filed prior to that date. The filing of this statement does not of itself authorize the use in this state of a Fictitious Business Name in violation of the rights of another under Federal, State, or common law (See section 14411 et seq. Business and Professions Code)Publish: Mountain Views News
Dates Pub: Oct. 17, 24, 31, Nov. 07, 2015
FICTITIOUS BUSINESS NAME STATEMENT File No. 2015-255468
The following person(s) is (are) doing business as: DANNIE'S BEAUTY SALON, 4770 MELROSE AVE. UNIT 5, L.A., CA 90029. Full name of registrant(s) is (are) DANIELA CARMEN PERALTA, 837 N. OXFORD AVE. APT 2, L.A., CA 90029. This Business is conducted by: AN INDIVIDUAL. Signed: DANIELA CARMEN PERALTA. This statement was filed with the County Clerk of Los Angeles County on 10/05/2015. The registrant(s) has (have) commenced to transact business under the fictitious business name or names listed above on: N/A. NOTICE- This Fictitious Name Statement expires five years from the date it was filed in the office of the County Clerk. A new Fictitious Business Name Statement must be filed prior to that date. The filing of this statement does not of itself authorize the use in this state of a Fictitious Business Name in violation of the rights of another under Federal, State, or common law (See section 14411 et seq. Business and Professions Code)Publish: Mountain Views News
Dates Pub: Oct. 17, 24, 31, Nov. 07, 2015
FICTITIOUS BUSINESS NAME STATEMENT File No. 2015-254184
The following person(s) is (are) doing business as: DE LEON PHONE ACCESSORIES, 6141 S. ST. ANDREWS PL., L.A., CA 90047. Full name of registrant(s) is (are) DE LEON VARGAS, 6141 S. ST. ANDREWS PL., L.A., CA 90047. This Business is conducted by: AN INDIVIDUAL. Signed: DE LEON VARGAS. This statement was filed with the County Clerk of Los Angeles County on 10/02/2015. The registrant(s) has (have) commenced to transact business under the fictitious business name or names listed above on: N/A. NOTICE- This Fictitious Name Statement expires five years from the date it was filed in the office of the County Clerk. A new Fictitious Business Name Statement must be filed prior to that date. The filing of this statement does not of itself authorize the use in this state of a Fictitious Business Name in violation of the rights of another under Federal, State, or common law (See section 14411 et seq. Business and Professions Code)Publish: Mountain Views News
Dates Pub: Oct. 17, 24, 31, Nov. 07, 2015
FICTITIOUS BUSINESS NAME STATEMENT File No. 2015-254399
The following person(s) is (are) doing business as: EDGAR SEVERIANO'S BUILDING SERVICES, 9814 BEACHY AVE., ARLETA, CA 91331. Full name of registrant(s) is (are) EDGAR'S BUILDING SERVICES, INC., 9814 BEACHY AVE., ARLETA, CA 91331. This Business is conducted by: A CORPORATION. Signed: NAHALIT TIMBRYAN. This statement was filed with the County Clerk of Los Angeles County on 10/05/2015. The registrant(s) has (have) commenced to transact business under the fictitious business name or names listed above on: N/A. NOTICE- This Fictitious Name Statement expires five years from the date it was filed in the office of the County Clerk. A new Fictitious Business Name Statement must be filed prior to that date. The filing of this statement does not of itself authorize the use in this state of a Fictitious Business Name in violation of the rights of another under Federal, State, or common law (See section 14411 et seq. Business and Professions Code)Publish: Mountain Views News
Dates Pub: Oct. 17, 24, 31, Nov. 07, 2015
FICTITIOUS BUSINESS NAME STATEMENT File No. 2015-255593
The following person(s) is (are) doing business as: EL BUEN GUSTO, 12830 PIONEER BLVD., NORWALK, CA 90650. Full name of registrant(s) is (are) DAVID JUAREZ-RAMIREZ, 11548 RATLIFFE ST., NORWALK, CA 90650. This Business is conducted by: AN INDIVIDUAL. Signed: DAVID JUAREZ-RAMIREZ. This statement was filed with the County Clerk of Los Angeles County on 10/05/2015. The registrant(s) has (have) commenced to transact business under the fictitious business name or names listed above on: N/A. NOTICE- This Fictitious Name Statement expires five years from the date it was filed in the office of the County Clerk. A new Fictitious Business Name Statement must be filed prior to that date. The filing of this statement does not of itself authorize the use in this state of a Fictitious Business Name in violation of the rights of another under Federal, State, or common law (See section 14411 et seq. Business and Professions Code)Publish: Mountain Views News
Dates Pub: Oct. 10, 17, 24, 31, 2015
FICTITIOUS BUSINESS NAME STATEMENT File No. 2015-256479
The following person(s) is (are) doing business as: EXPEDITE RECON, EXP RECON, 2300 E. ARTESIA BLVD., LONG BEACH, CA 90805. Full name of registrant(s) is (are) A AUTOMOTIVE INC., 12691 CHERRY AVE., LONG BEACH, CA 90807. This Business is conducted by: A CORPORATION. Signed: EMILEE SANDOVAL. This statement was filed with the County Clerk of Los Angeles County on 10/06/2015. The registrant(s) has (have) commenced to transact business under the fictitious business name or names listed above on: N/A. NOTICE- This Fictitious Name Statement expires five years from the date it was filed in the office of the County Clerk. A new Fictitious Business Name Statement must be filed prior to that date. The filing of this statement does not of itself authorize the use in this state of a Fictitious Business Name in violation of the rights of another under Federal, State, or common law (See section 14411 et seq. Business and Professions Code)Publish: Mountain Views News
Dates Pub: Oct. 17, 24, 31, Nov. 07, 2015
FICTITIOUS BUSINESS NAME STATEMENT File No. 2015-256606
The following person(s) is (are) doing business as: FUSION MOBILE, 463 E. 4TH ST., L.A., CA 90013. Full name of registrant(s) is (are) FUSION MOBILE, INC., 829 RODEO RD., FULLERTON, CA 92835. This Business is conducted by: A CORPORATION. Signed: YANG SHIN. This statement was filed with the County Clerk of Los Angeles County on 10/06/2015. The registrant(s) has (have) commenced to transact business under the fictitious business name or names listed above on: N/A. NOTICE- This Fictitious Name Statement expires five years from the date it was filed in the office of the County Clerk. A new Fictitious Business Name Statement must be filed prior to that date. The filing of this statement does not of itself authorize the use in this state of a Fictitious Business Name in violation of the rights of another under Federal, State, or common law (See section 14411 et seq. Business and Professions Code)Publish: Mountain Views News
Dates Pub: Oct. 17, 24, 31, Nov. 07, 2015
FICTITIOUS BUSINESS NAME STATEMENT File No. 2015-256878
The following person(s) is (are) doing business as: GEL LUST NAILS & SPA, 1319 S. DIAMOND BAR BLVD., DIAMOND BAR, CA 91765. Full name of registrant(s) is (are) SALINA THANH NGUYEN, 7356 MORNING HILLS DR., CORONA, CA 92880. This Business is conducted by: AN INDIVIDUAL. Signed: SALINA THANH NGUYEN. This statement was filed with the County Clerk of Los Angeles County on 10/06/2015. The registrant(s) has (have) commenced to transact business under the fictitious business name or names listed above on: N/A. NOTICE- This Fictitious Name Statement expires five years from the date it was filed in the office of the County Clerk. A new Fictitious Business Name Statement must be filed prior to that date. The filing of this statement does not of itself authorize the use in this state of a Fictitious Business Name in violation of the rights of another under Federal, State, or common law (See section 14411 et seq. Business and Professions Code)Publish: Mountain Views News
Dates Pub: Oct. 17, 24, 31, Nov. 07, 2015
FICTITIOUS BUSINESS NAME STATEMENT File No. 2015-256564
The following person(s) is (are) doing business as: GENERAL MAINTENANCE & GENERAL CONSTRUCTION CO., 6047 E. SPRINGVALE DR., HIGHLAND GROVE, CA 90040. Full name of registrant(s) is (are) MARIO MORALES RUANO, 6047 E. SPRINGVALE DR., HIGHLAND GROVE, CA 90040. This Business is conducted by: AN INDIVIDUAL. Signed: MARIO MORALES RUANO. This statement was filed with the County Clerk of Los Angeles County on 09/29/2015. The
Mountain Views News 80 W Sierra Madre Blvd. No. 327 Sierra Madre, 91024 Office: 626.355.2737 Fax: 626.609.3285 Email: editor@mtnviewsnews.com Website: www.mtnviewsnews.com
